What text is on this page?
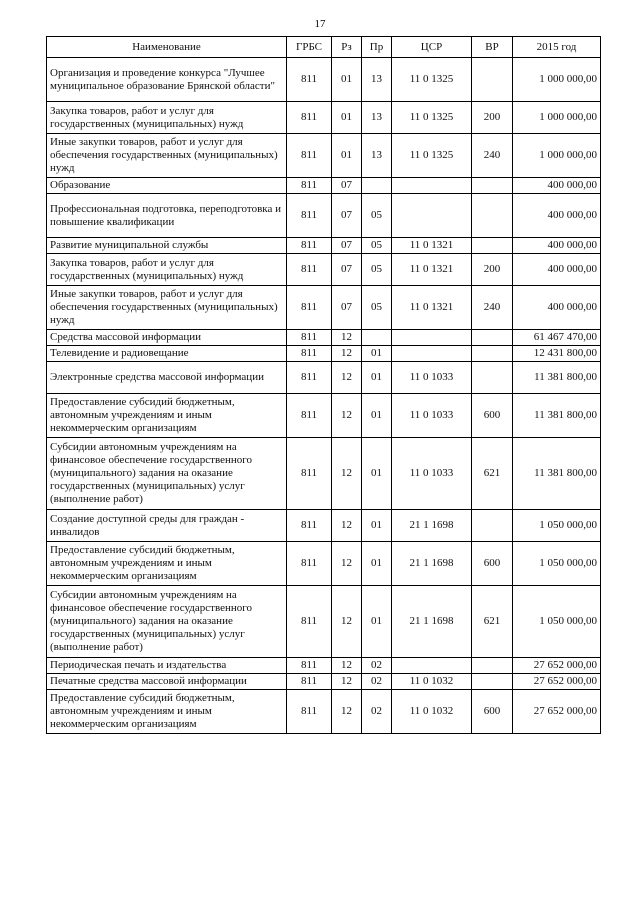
17
Наименование	ГРБС	Рз	Пр	ЦСР	ВР	2015 год
Организация и проведение конкурса "Лучшее муниципальное образование Брянской области"	811	01	13	11 0 1325		1 000 000,00
Закупка товаров, работ и услуг для государственных (муниципальных) нужд	811	01	13	11 0 1325	200	1 000 000,00
Иные закупки товаров, работ и услуг для обеспечения государственных (муниципальных) нужд	811	01	13	11 0 1325	240	1 000 000,00
Образование	811	07				400 000,00
Профессиональная подготовка, переподготовка и повышение квалификации	811	07	05			400 000,00
Развитие муниципальной службы	811	07	05	11 0 1321		400 000,00
Закупка товаров, работ и услуг для государственных (муниципальных) нужд	811	07	05	11 0 1321	200	400 000,00
Иные закупки товаров, работ и услуг для обеспечения государственных (муниципальных) нужд	811	07	05	11 0 1321	240	400 000,00
Средства массовой информации	811	12				61 467 470,00
Телевидение и радиовещание	811	12	01			12 431 800,00
Электронные средства массовой информации	811	12	01	11 0 1033		11 381 800,00
Предоставление субсидий бюджетным, автономным учреждениям и иным некоммерческим организациям	811	12	01	11 0 1033	600	11 381 800,00
Субсидии автономным учреждениям на финансовое обеспечение государственного (муниципального) задания на оказание государственных (муниципальных) услуг (выполнение работ)	811	12	01	11 0 1033	621	11 381 800,00
Создание доступной среды для граждан - инвалидов	811	12	01	21 1 1698		1 050 000,00
Предоставление субсидий бюджетным, автономным учреждениям и иным некоммерческим организациям	811	12	01	21 1 1698	600	1 050 000,00
Субсидии автономным учреждениям на финансовое обеспечение государственного (муниципального) задания на оказание государственных (муниципальных) услуг (выполнение работ)	811	12	01	21 1 1698	621	1 050 000,00
Периодическая печать и издательства	811	12	02			27 652 000,00
Печатные средства массовой информации	811	12	02	11 0 1032		27 652 000,00
Предоставление субсидий бюджетным, автономным учреждениям и иным некоммерческим организациям	811	12	02	11 0 1032	600	27 652 000,00
